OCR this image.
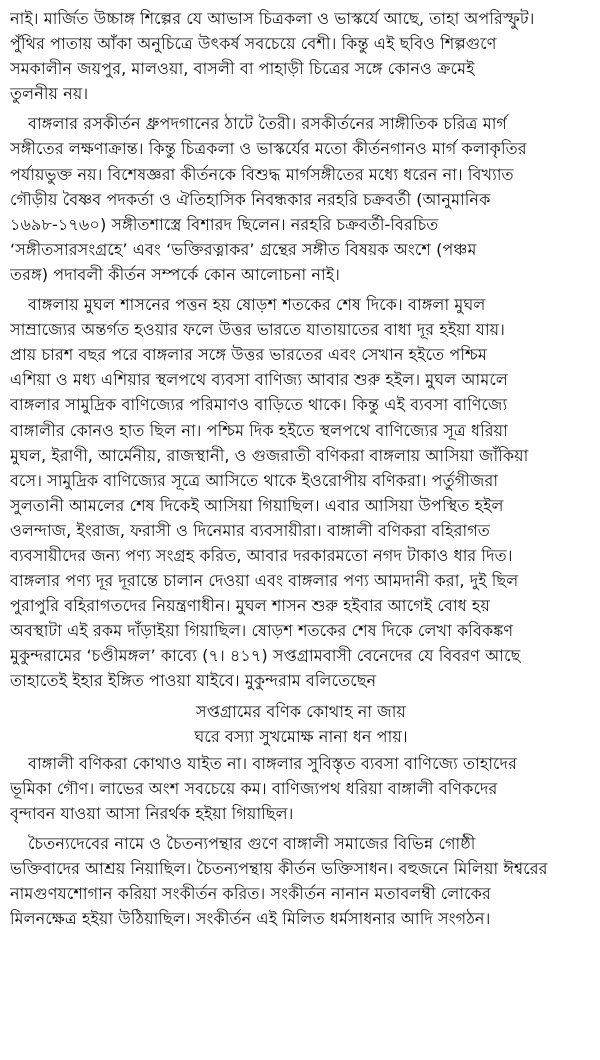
নাই। মার্জিত উচ্চাঙ্গ শিল্পের যে আভাস চিত্রকলা ও ভাস্কর্যে আছে, তাহা অপরিস্ফুট।
পুঁথির পাতায় আঁকা অনুচিত্রে উৎকর্ষ সবচেয়ে বেশী। কিন্তু এই ছবিও শিল্পগুণে
সমকালীন জয়পুর, মালওয়া, বাসলী বা পাহাড়ী চিত্রের সঙ্গে কোনও ক্রমেই
তুলনীয় নয়।
বাঙ্গলার রসকীর্তন ধ্রুপদগানের ঠাটে তৈরী। রসকীর্তনের সাঙ্গীতিক চরিত্র মার্গ
সঙ্গীতের লক্ষণাক্রান্ত। কিন্তু চিত্রকলা ও ভাস্কর্যের মতো কীর্তনগানও মার্গ কলাকৃতির
পর্যায়ভুক্ত নয়। বিশেষজ্ঞরা কীর্তনকে বিশুদ্ধ মার্গসঙ্গীতের মধ্যে ধরেন না। বিখ্যাত
গৌড়ীয় বৈষ্ণব পদকর্তা ও ঐতিহাসিক নিবন্ধকার নরহরি চক্রবর্তী (আনুমানিক
১৬৯৮-১৭৬০) সঙ্গীতশাস্ত্রে বিশারদ ছিলেন। নরহরি চক্রবর্তী-বিরচিত
‘সঙ্গীতসারসংগ্রহে’ এবং ‘ভক্তিরত্নাকর’ গ্রন্থের সঙ্গীত বিষয়ক অংশে (পঞ্চম
তরঙ্গ) পদাবলী কীর্তন সম্পর্কে কোন আলোচনা নাই।
বাঙ্গলায় মুঘল শাসনের পত্তন হয় ষোড়শ শতকের শেষ দিকে। বাঙ্গলা মুঘল
সাম্রাজ্যের অন্তর্গত হওয়ার ফলে উত্তর ভারতে যাতায়াতের বাধা দূর হইয়া যায়।
প্রায় চারশ বছর পরে বাঙ্গলার সঙ্গে উত্তর ভারতের এবং সেখান হইতে পশ্চিম
এশিয়া ও মধ্য এশিয়ার স্থলপথে ব্যবসা বাণিজ্য আবার শুরু হইল। মুঘল আমলে
বাঙ্গলার সামুদ্রিক বাণিজ্যের পরিমাণও বাড়িতে থাকে। কিন্তু এই ব্যবসা বাণিজ্যে
বাঙ্গালীর কোনও হাত ছিল না। পশ্চিম দিক হইতে স্থলপথে বাণিজ্যের সূত্র ধরিয়া
মুঘল, ইরাণী, আর্মেনীয়, রাজস্থানী, ও গুজরাতী বণিকরা বাঙ্গলায় আসিয়া জাঁকিয়া
বসে। সামুদ্রিক বাণিজ্যের সূত্রে আসিতে থাকে ইওরোপীয় বণিকরা। পর্তুগীজরা
সুলতানী আমলের শেষ দিকেই আসিয়া গিয়াছিল। এবার আসিয়া উপস্থিত হইল
ওলন্দাজ, ইংরাজ, ফরাসী ও দিনেমার ব্যবসায়ীরা। বাঙ্গালী বণিকরা বহিরাগত
ব্যবসায়ীদের জন্য পণ্য সংগ্রহ করিত, আবার দরকারমতো নগদ টাকাও ধার দিত।
বাঙ্গলার পণ্য দূর দূরান্তে চালান দেওয়া এবং বাঙ্গলার পণ্য আমদানী করা, দুই ছিল
পুরাপুরি বহিরাগতদের নিয়ন্ত্রণাধীন। মুঘল শাসন শুরু হইবার আগেই বোধ হয়
অবস্থাটা এই রকম দাঁড়াইয়া গিয়াছিল। ষোড়শ শতকের শেষ দিকে লেখা কবিকঙ্কণ
মুকুন্দরামের ‘চণ্ডীমঙ্গল’ কাব্যে (৭। ৪১৭) সপ্তগ্রামবাসী বেনেদের যে বিবরণ আছে
তাহাতেই ইহার ইঙ্গিত পাওয়া যাইবে। মুকুন্দরাম বলিতেছেন
সপ্তগ্রামের বণিক কোথাহ না জায়
ঘরে বস্যা সুখমোক্ষ নানা ধন পায়।
বাঙ্গালী বণিকরা কোথাও যাইত না। বাঙ্গলার সুবিস্তৃত ব্যবসা বাণিজ্যে তাহাদের
ভূমিকা গৌণ। লাভের অংশ সবচেয়ে কম। বাণিজ্যপথ ধরিয়া বাঙ্গালী বণিকদের
বৃন্দাবন যাওয়া আসা নিরর্থক হইয়া গিয়াছিল।
চৈতন্যদেবের নামে ও চৈতন্যপন্থার গুণে বাঙ্গালী সমাজের বিভিন্ন গোষ্ঠী
ভক্তিবাদের আশ্রয় নিয়াছিল। চৈতন্যপন্থায় কীর্তন ভক্তিসাধন। বহুজনে মিলিয়া ঈশ্বরের
নামগুণযশোগান করিয়া সংকীর্তন করিত। সংকীর্তন নানান মতাবলম্বী লোকের
মিলনক্ষেত্র হইয়া উঠিয়াছিল। সংকীর্তন এই মিলিত ধর্মসাধনার আদি সংগঠন।
